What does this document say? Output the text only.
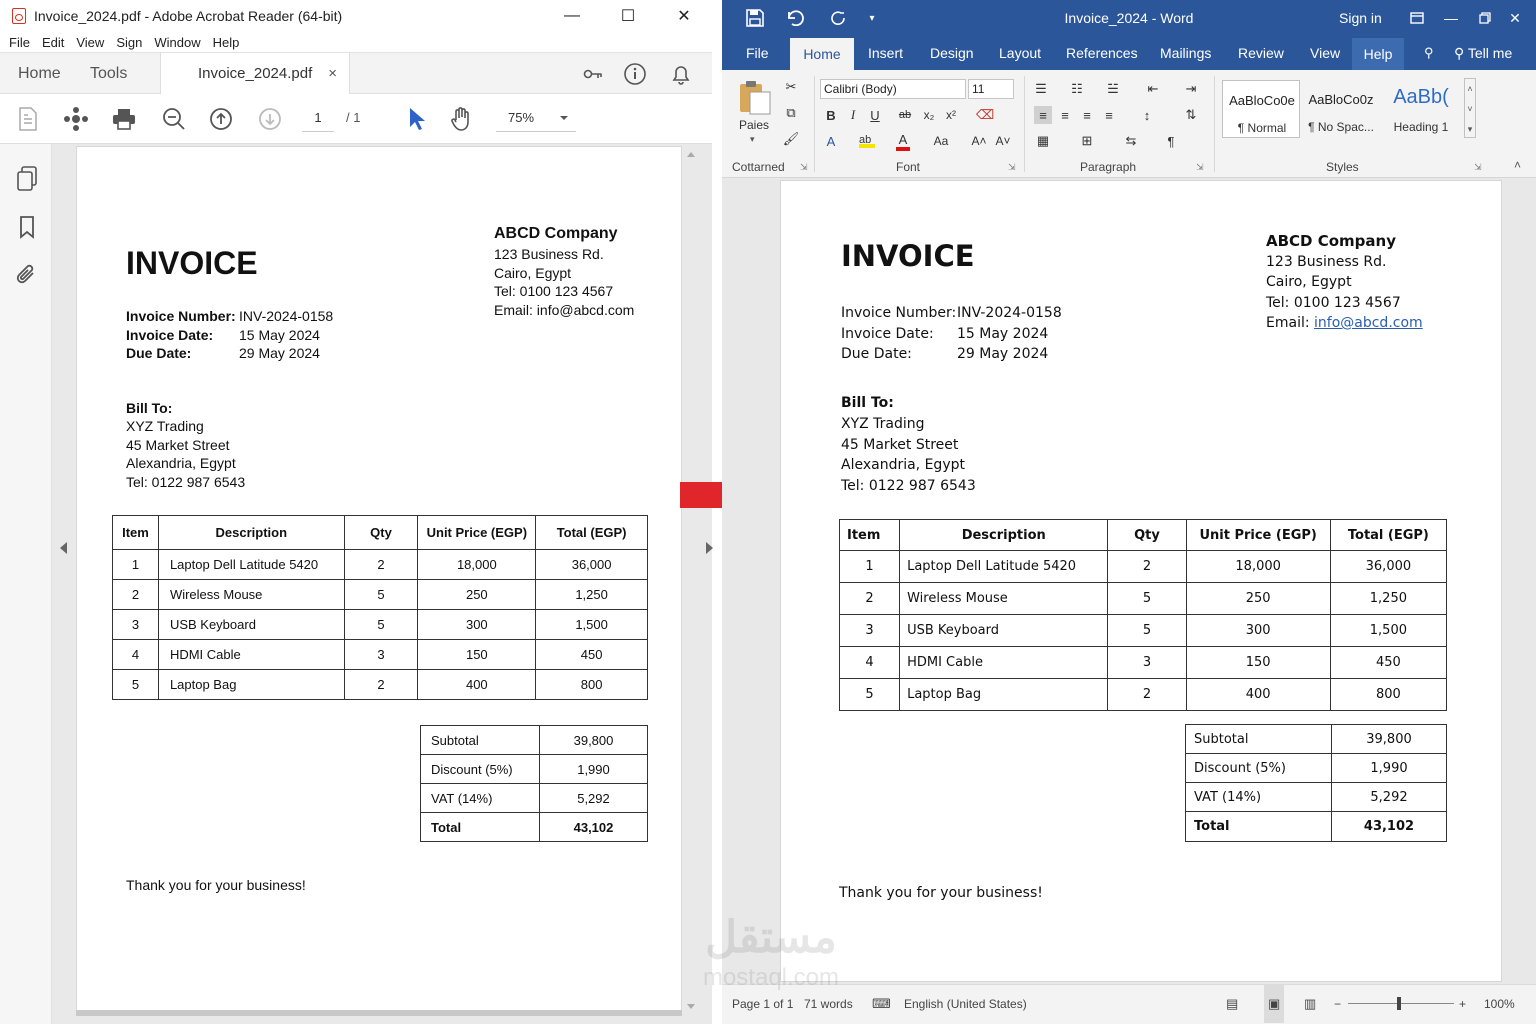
Invoice_2024.pdf - Adobe Acrobat Reader (64-bit)	—	☐	✕
File Edit View Sign Window Help
Home Tools	Invoice_2024.pdf ×
1	/ 1	75%
INVOICE
ABCD Company
123 Business Rd.
Cairo, Egypt
Tel: 0100 123 4567
Email: info@abcd.com
Invoice Number: INV-2024-0158
Invoice Date: 15 May 2024
Due Date:	29 May 2024
Bill To:
XYZ Trading
45 Market Street
Alexandria, Egypt
Tel: 0122 987 6543
Item	Description	Qty	Unit Price (EGP)	Total (EGP)
1	Laptop Dell Latitude 5420	2	18,000	36,000
2	Wireless Mouse	5	250	1,250
3	USB Keyboard	5	300	1,500
4	HDMI Cable	3	150	450
5	Laptop Bag	2	400	800
Subtotal	39,800
Discount (5%)	1,990
VAT (14%)	5,292
Total	43,102
Thank you for your business!
▾	Invoice_2024 - Word	Sign in	—	✕
File	Home	Insert Design Layout References Mailings Review View	Help	⚲ ⚲ Tell me
Paies
▾
✂
⧉
🖌
Cottarned ⇲
Calibri (Body)	11
B	I	U	ab	x₂ x²	⌫
A	ab A Aa A˄ A˅
Font	⇲
☰ ☷ ☱ ⇤ ⇥
≡	≡	≡	≡	↕	⇅
▦ ⊞	⇆	¶
Paragraph	⇲
AaBloCo0e
¶ Normal
AaBloCo0z
¶ No Spac...
AaBb(
Heading 1
˄
˅
▾
Styles	⇲	˄
INVOICE	ABCD Company
123 Business Rd.
Cairo, Egypt
Tel: 0100 123 4567
Email: info@abcd.com
Invoice Number: INV-2024-0158
Invoice Date: 15 May 2024
Due Date:	29 May 2024
Bill To:
XYZ Trading
45 Market Street
Alexandria, Egypt
Tel: 0122 987 6543
Item	Description	Qty	Unit Price (EGP)	Total (EGP)
1	Laptop Dell Latitude 5420	2	18,000	36,000
2	Wireless Mouse	5	250	1,250
3	USB Keyboard	5	300	1,500
4	HDMI Cable	3	150	450
5	Laptop Bag	2	400	800
Subtotal	39,800
Discount (5%)	1,990
VAT (14%)	5,292
Total	43,102
Thank you for your business!
Page 1 of 1 71 words ⌨ English (United States)	▤	▣	▥ −	+ 100%
مستقل
mostaql.com
